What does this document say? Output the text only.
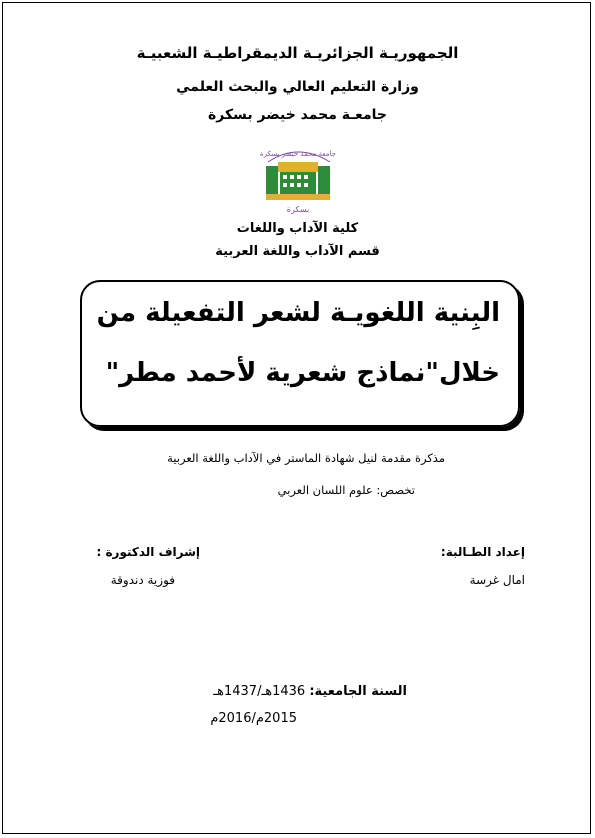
الجمهوريـة الجزائريـة الديمقراطيـة الشعبيـة
وزارة التعليم العالي والبحث العلمي
جامعـة محمد خيضر بسكرة
جامعة محمد خيضر بسكرة
بسكرة
كلية الآداب واللغات
قسم الآداب واللغة العربية
البِنية اللغويـة لشعر التفعيلة من
خلال"نماذج شعرية لأحمد مطر"
مذكرة مقدمة لنيل شهادة الماستر في الآداب واللغة العربية
تخصص: علوم اللسان العربي
إعداد الطـالبة:
امال غرسة
إشراف الدكتورة :
فوزية دندوقة
السنة الجامعية: 1436هـ/1437هـ
2015م/2016م
